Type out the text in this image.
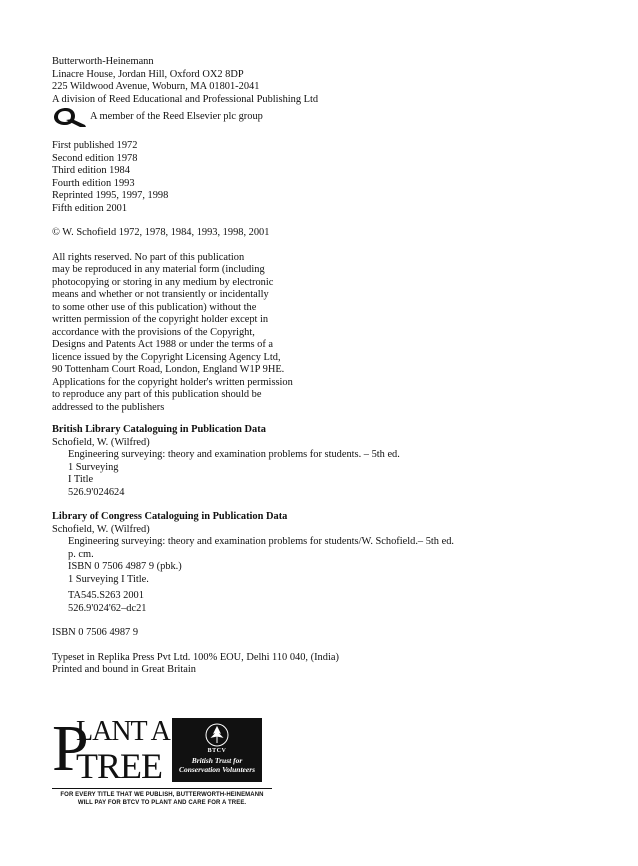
Butterworth-Heinemann
Linacre House, Jordan Hill, Oxford OX2 8DP
225 Wildwood Avenue, Woburn, MA 01801-2041
A division of Reed Educational and Professional Publishing Ltd
A member of the Reed Elsevier plc group
First published 1972
Second edition 1978
Third edition 1984
Fourth edition 1993
Reprinted 1995, 1997, 1998
Fifth edition 2001
© W. Schofield 1972, 1978, 1984, 1993, 1998, 2001
All rights reserved. No part of this publication
may be reproduced in any material form (including
photocopying or storing in any medium by electronic
means and whether or not transiently or incidentally
to some other use of this publication) without the
written permission of the copyright holder except in
accordance with the provisions of the Copyright,
Designs and Patents Act 1988 or under the terms of a
licence issued by the Copyright Licensing Agency Ltd,
90 Tottenham Court Road, London, England W1P 9HE.
Applications for the copyright holder's written permission
to reproduce any part of this publication should be
addressed to the publishers
British Library Cataloguing in Publication Data
Schofield, W. (Wilfred)
Engineering surveying: theory and examination problems for students. – 5th ed.
1 Surveying
I Title
526.9'024624
Library of Congress Cataloguing in Publication Data
Schofield, W. (Wilfred)
Engineering surveying: theory and examination problems for students/W. Schofield.– 5th ed.
p. cm.
ISBN 0 7506 4987 9 (pbk.)
1 Surveying I Title.
TA545.S263 2001
526.9'024'62–dc21
ISBN 0 7506 4987 9
Typeset in Replika Press Pvt Ltd. 100% EOU, Delhi 110 040, (India)
Printed and bound in Great Britain
P
LANT A
TREE	BTCV
British Trust for
Conservation Volunteers
FOR EVERY TITLE THAT WE PUBLISH, BUTTERWORTH-HEINEMANN
WILL PAY FOR BTCV TO PLANT AND CARE FOR A TREE.
